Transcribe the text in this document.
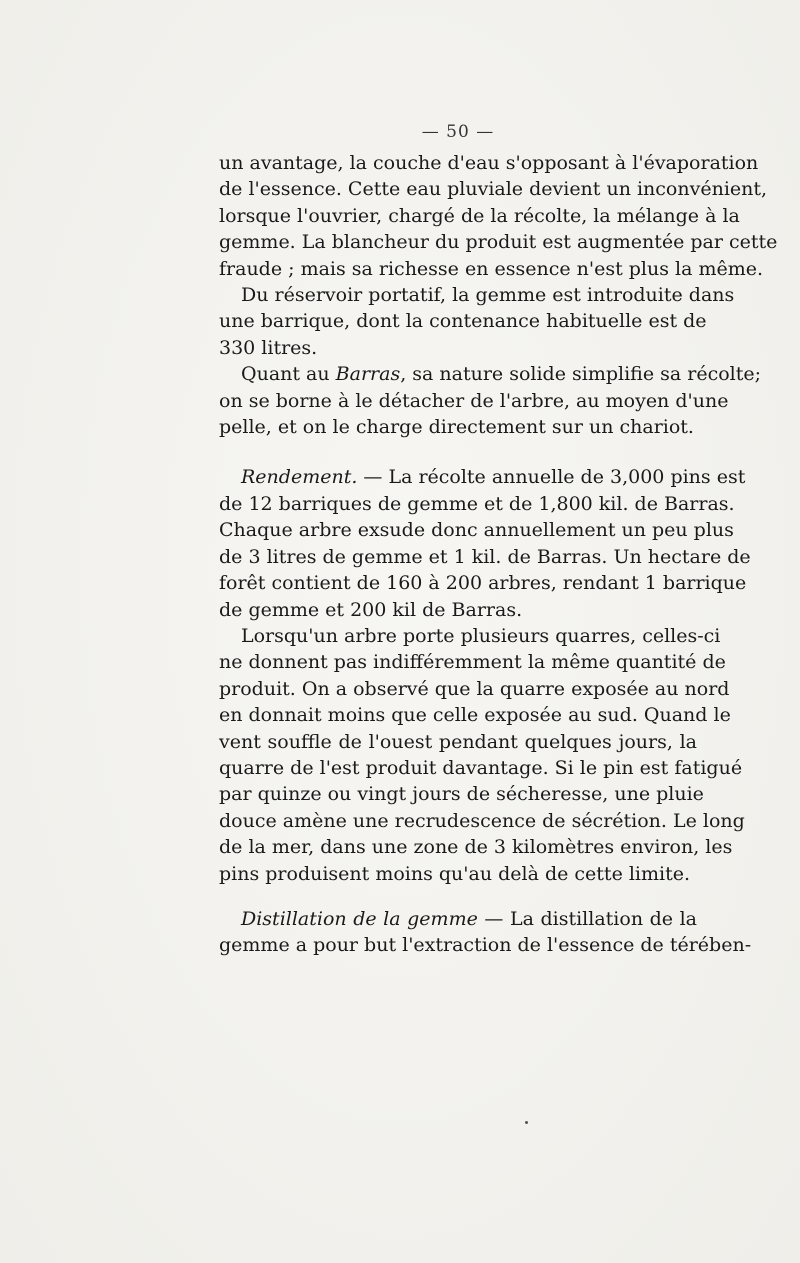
— 50 —
un avantage, la couche d'eau s'opposant à l'évaporation
de l'essence. Cette eau pluviale devient un inconvénient,
lorsque l'ouvrier, chargé de la récolte, la mélange à la
gemme. La blancheur du produit est augmentée par cette
fraude ; mais sa richesse en essence n'est plus la même.
Du réservoir portatif, la gemme est introduite dans
une barrique, dont la contenance habituelle est de
330 litres.
Quant au Barras, sa nature solide simplifie sa récolte;
on se borne à le détacher de l'arbre, au moyen d'une
pelle, et on le charge directement sur un chariot.
Rendement. — La récolte annuelle de 3,000 pins est
de 12 barriques de gemme et de 1,800 kil. de Barras.
Chaque arbre exsude donc annuellement un peu plus
de 3 litres de gemme et 1 kil. de Barras. Un hectare de
forêt contient de 160 à 200 arbres, rendant 1 barrique
de gemme et 200 kil de Barras.
Lorsqu'un arbre porte plusieurs quarres, celles-ci
ne donnent pas indifféremment la même quantité de
produit. On a observé que la quarre exposée au nord
en donnait moins que celle exposée au sud. Quand le
vent souffle de l'ouest pendant quelques jours, la
quarre de l'est produit davantage. Si le pin est fatigué
par quinze ou vingt jours de sécheresse, une pluie
douce amène une recrudescence de sécrétion. Le long
de la mer, dans une zone de 3 kilomètres environ, les
pins produisent moins qu'au delà de cette limite.
Distillation de la gemme — La distillation de la
gemme a pour but l'extraction de l'essence de térében-
